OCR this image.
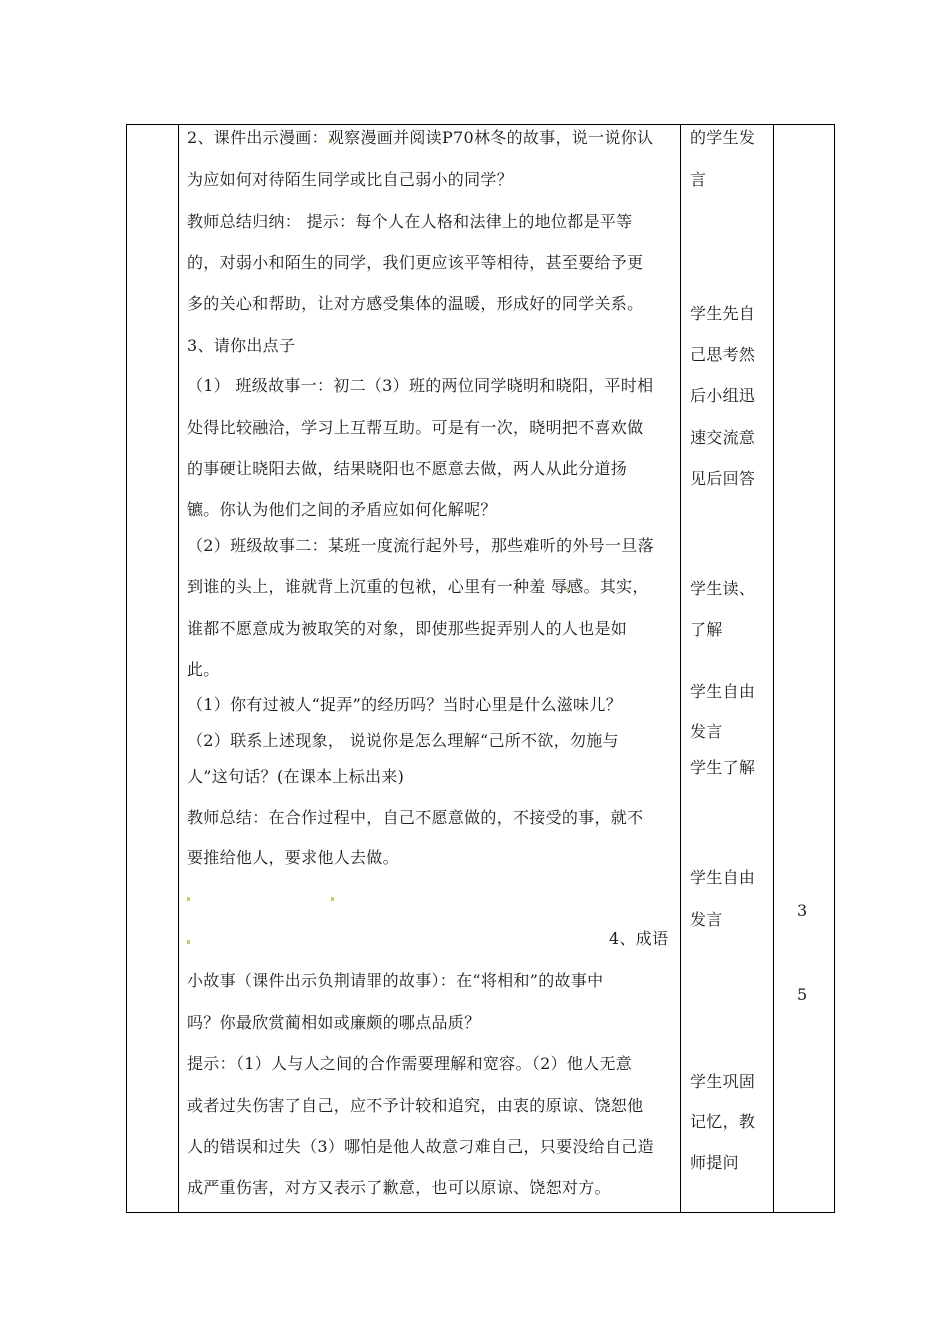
2、课件出示漫画：观察漫画并阅读P70林冬的故事，说一说你认
为应如何对待陌生同学或比自己弱小的同学？
教师总结归纳： 提示：每个人在人格和法律上的地位都是平等
的，对弱小和陌生的同学，我们更应该平等相待，甚至要给予更
多的关心和帮助，让对方感受集体的温暖，形成好的同学关系。
3、请你出点子
（1） 班级故事一：初二（3）班的两位同学晓明和晓阳，平时相
处得比较融洽，学习上互帮互助。可是有一次，晓明把不喜欢做
的事硬让晓阳去做，结果晓阳也不愿意去做，两人从此分道扬
镳。你认为他们之间的矛盾应如何化解呢？
（2）班级故事二：某班一度流行起外号，那些难听的外号一旦落
到谁的头上，谁就背上沉重的包袱，心里有一种羞 辱感。其实，
谁都不愿意成为被取笑的对象，即使那些捉弄别人的人也是如
此。
（1）你有过被人“捉弄”的经历吗？当时心里是什么滋味儿？
（2）联系上述现象， 说说你是怎么理解“己所不欲，勿施与
人”这句话？(在课本上标出来)
教师总结：在合作过程中，自己不愿意做的，不接受的事，就不
要推给他人，要求他人去做。
4、成语
小故事（课件出示负荆请罪的故事）：在“将相和”的故事中
吗？你最欣赏蔺相如或廉颇的哪点品质？
提示：（1）人与人之间的合作需要理解和宽容。（2）他人无意
或者过失伤害了自己，应不予计较和追究，由衷的原谅、饶恕他
人的错误和过失（3）哪怕是他人故意刁难自己，只要没给自己造
成严重伤害，对方又表示了歉意，也可以原谅、饶恕对方。
的学生发
言
学生先自
己思考然
后小组迅
速交流意
见后回答
学生读、
了解
学生自由
发言
学生了解
学生自由
发言
学生巩固
记忆，教
师提问
3
5
